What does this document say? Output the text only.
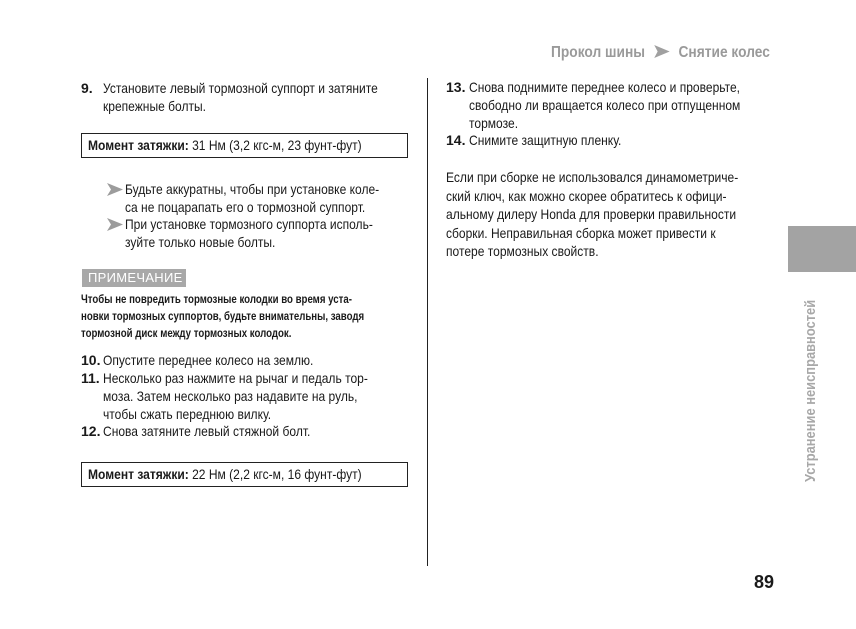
Прокол шины Снятие колес
9. Установите левый тормозной суппорт и затяните
крепежные болты.
Момент затяжки: 31 Нм (3,2 кгс-м, 23 фунт-фут)
Будьте аккуратны, чтобы при установке коле-
са не поцарапать его о тормозной суппорт.
При установке тормозного суппорта исполь-
зуйте только новые болты.
ПРИМЕЧАНИЕ
Чтобы не повредить тормозные колодки во время уста-
новки тормозных суппортов, будьте внимательны, заводя
тормозной диск между тормозных колодок.
10. Опустите переднее колесо на землю.
11. Несколько раз нажмите на рычаг и педаль тор-
моза. Затем несколько раз надавите на руль,
чтобы сжать переднюю вилку.
12. Снова затяните левый стяжной болт.
Момент затяжки: 22 Нм (2,2 кгс-м, 16 фунт-фут)
13. Снова поднимите переднее колесо и проверьте,
свободно ли вращается колесо при отпущенном
тормозе.
14. Снимите защитную пленку.
Если при сборке не использовался динамометриче-
ский ключ, как можно скорее обратитесь к офици-
альному дилеру Honda для проверки правильности
сборки. Неправильная сборка может привести к
потере тормозных свойств.
Устранение неисправностей
89
